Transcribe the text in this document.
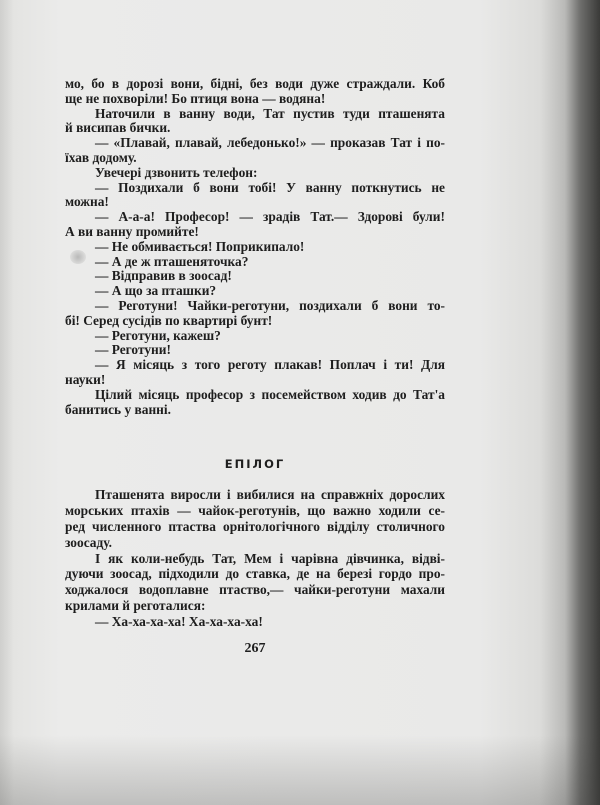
мо, бо в дорозі вони, бідні, без води дуже страждали. Коб
ще не похворіли! Бо птиця вона — водяна!
Наточили в ванну води, Тат пустив туди пташенята
й висипав бички.
— «Плавай, плавай, лебедонько!» — проказав Тат і по-
їхав додому.
Увечері дзвонить телефон:
— Поздихали б вони тобі! У ванну поткнутись не
можна!
— А-а-а! Професор! — зрадів Тат.— Здорові були!
А ви ванну промийте!
— Не обмивається! Поприкипало!
— А де ж пташеняточка?
— Відправив в зоосад!
— А що за пташки?
— Реготуни! Чайки-реготуни, поздихали б вони то-
бі! Серед сусідів по квартирі бунт!
— Реготуни, кажеш?
— Реготуни!
— Я місяць з того реготу плакав! Поплач і ти! Для
науки!
Цілий місяць професор з посемейством ходив до Тат'а
банитись у ванні.
ЕПІЛОГ
Пташенята виросли і вибилися на справжніх дорослих
морських птахів — чайок-реготунів, що важно ходили се-
ред численного птаства орнітологічного відділу столичного
зоосаду.
І як коли-небудь Тат, Мем і чарівна дівчинка, відві-
дуючи зоосад, підходили до ставка, де на березі гордо про-
ходжалося водоплавне птаство,— чайки-реготуни махали
крилами й реготалися:
— Ха-ха-ха-ха! Ха-ха-ха-ха!
267
